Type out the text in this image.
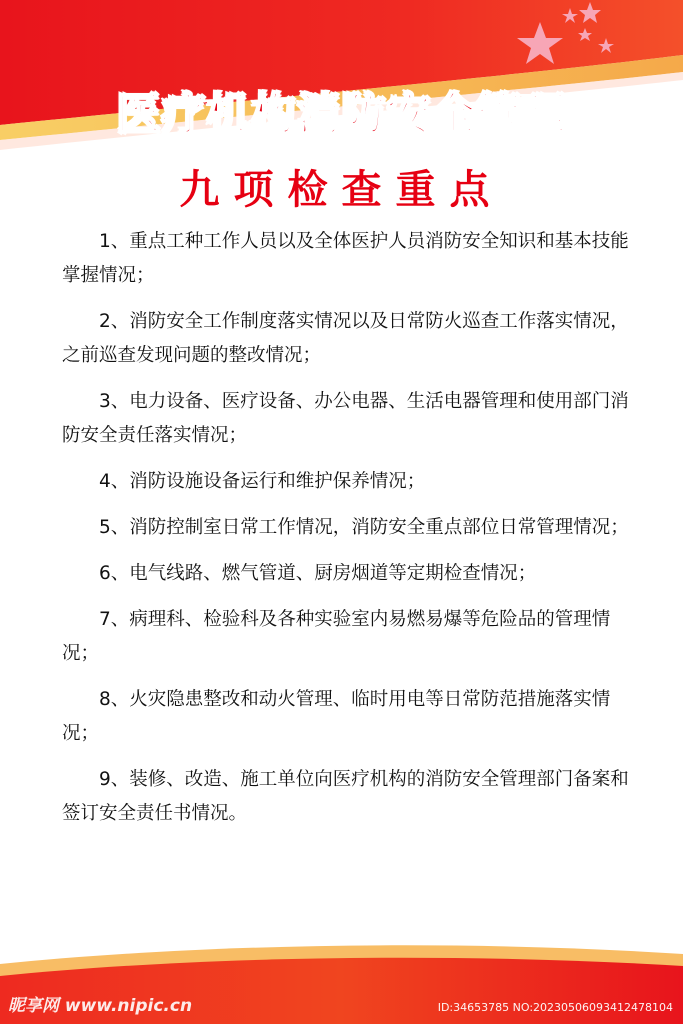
医疗机构消防安全管理
九项检查重点

1、重点工种工作人员以及全体医护人员消防安全知识和基本技能掌握情况；

2、消防安全工作制度落实情况以及日常防火巡查工作落实情况，之前巡查发现问题的整改情况；

3、电力设备、医疗设备、办公电器、生活电器管理和使用部门消防安全责任落实情况；

4、消防设施设备运行和维护保养情况；

5、消防控制室日常工作情况，消防安全重点部位日常管理情况；

6、电气线路、燃气管道、厨房烟道等定期检查情况；

7、病理科、检验科及各种实验室内易燃易爆等危险品的管理情况；

8、火灾隐患整改和动火管理、临时用电等日常防范措施落实情况；

9、装修、改造、施工单位向医疗机构的消防安全管理部门备案和签订安全责任书情况。

昵享网 www.nipic.cn	ID:34653785 NO:20230506093412478104
